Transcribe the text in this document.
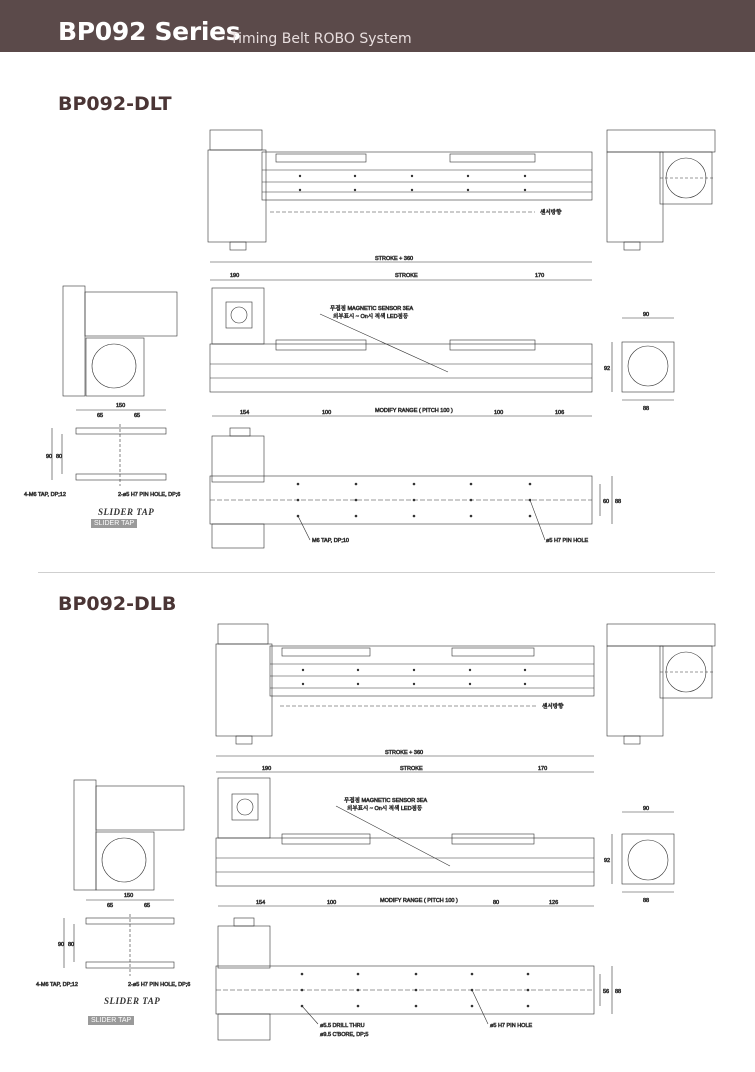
BP092 Series
Timing Belt ROBO System
BP092-DLT
센서방향
STROKE + 360
190	STROKE	170
무접점 MAGNETIC SENSOR 3EA
외부표시 ~ On시 적색 LED점등	90
92
88
150
65	65
90 80
4-M6 TAP, DP;12	2-ø5 H7 PIN HOLE, DP;6
154	100	MODIFY RANGE ( PITCH 100 )	100	106
60 88
M6 TAP, DP;10	ø5 H7 PIN HOLE
SLIDER TAP
SLIDER TAP
BP092-DLB
센서방향
STROKE + 360
190	STROKE	170
무접점 MAGNETIC SENSOR 3EA
외부표시 ~ On시 적색 LED점등	90
92
88
150
65	65
90 80
4-M6 TAP, DP;12	2-ø5 H7 PIN HOLE, DP;6
154	100	MODIFY RANGE ( PITCH 100 )	80	126
56 88
ø5.5 DRILL THRU
ø9.5 C'BORE, DP;5
ø5 H7 PIN HOLE
SLIDER TAP
SLIDER TAP
